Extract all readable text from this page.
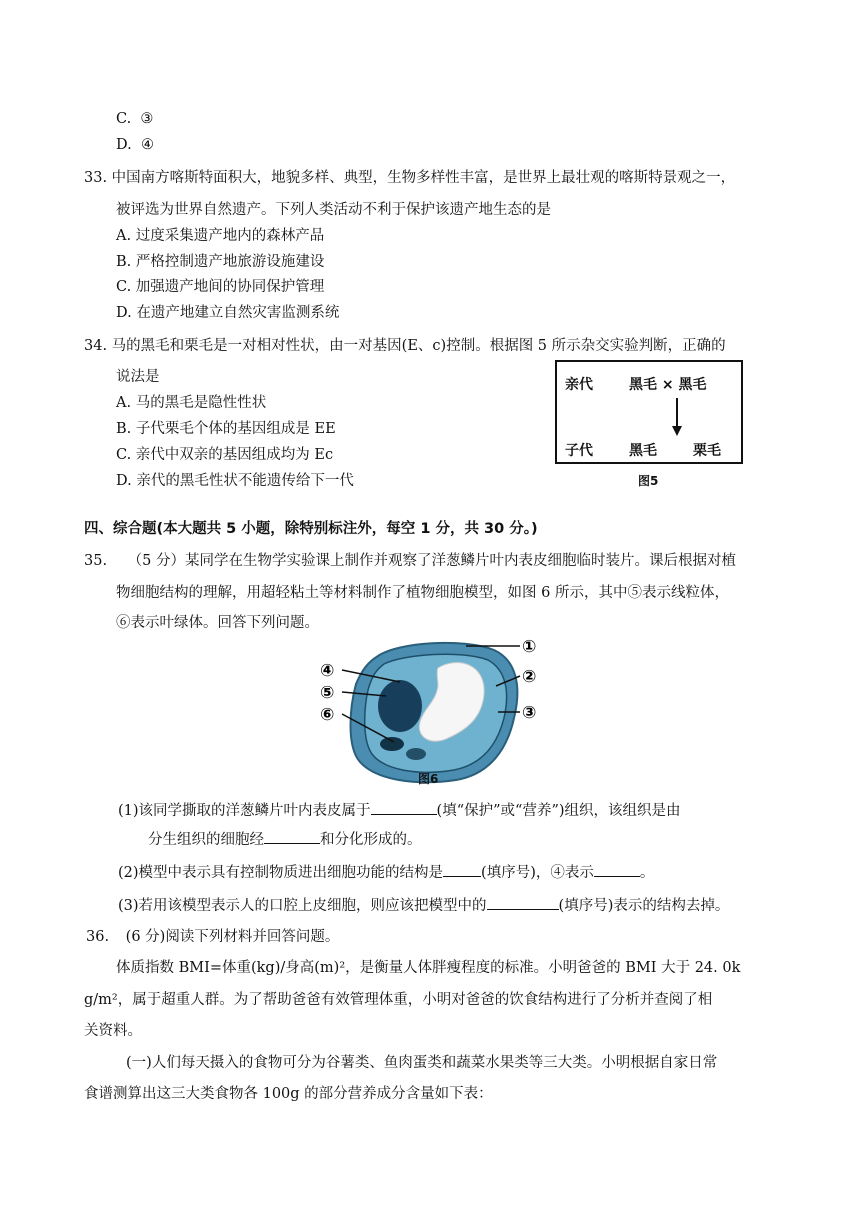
C. ③
D. ④
33. 中国南方喀斯特面积大，地貌多样、典型，生物多样性丰富，是世界上最壮观的喀斯特景观之一，
被评选为世界自然遗产。下列人类活动不利于保护该遗产地生态的是
A. 过度采集遗产地内的森林产品
B. 严格控制遗产地旅游设施建设
C. 加强遗产地间的协同保护管理
D. 在遗产地建立自然灾害监测系统
34. 马的黑毛和栗毛是一对相对性状，由一对基因(E、c)控制。根据图 5 所示杂交实验判断，正确的
说法是
A. 马的黑毛是隐性性状
B. 子代栗毛个体的基因组成是 EE
C. 亲代中双亲的基因组成均为 Ec
D. 亲代的黑毛性状不能遗传给下一代
亲代	黑毛 × 黑毛
子代	黑毛	栗毛
图5
四、综合题(本大题共 5 小题，除特别标注外，每空 1 分，共 30 分。)
35. （5 分）某同学在生物学实验课上制作并观察了洋葱鳞片叶内表皮细胞临时装片。课后根据对植
物细胞结构的理解，用超轻粘土等材料制作了植物细胞模型，如图 6 所示，其中⑤表示线粒体，
⑥表示叶绿体。回答下列问题。
①
②
③
④
⑤
⑥
图6
(1)该同学撕取的洋葱鳞片叶内表皮属于	(填“保护”或“营养”)组织，该组织是由
分生组织的细胞经	和分化形成的。
(2)模型中表示具有控制物质进出细胞功能的结构是	(填序号)，④表示	。
(3)若用该模型表示人的口腔上皮细胞，则应该把模型中的	(填序号)表示的结构去掉。
36. (6 分)阅读下列材料并回答问题。
体质指数 BMI=体重(kg)/身高(m)²，是衡量人体胖瘦程度的标准。小明爸爸的 BMI 大于 24. 0k
g/m²，属于超重人群。为了帮助爸爸有效管理体重，小明对爸爸的饮食结构进行了分析并查阅了相
关资料。
(一)人们每天摄入的食物可分为谷薯类、鱼肉蛋类和蔬菜水果类等三大类。小明根据自家日常
食谱测算出这三大类食物各 100g 的部分营养成分含量如下表：
